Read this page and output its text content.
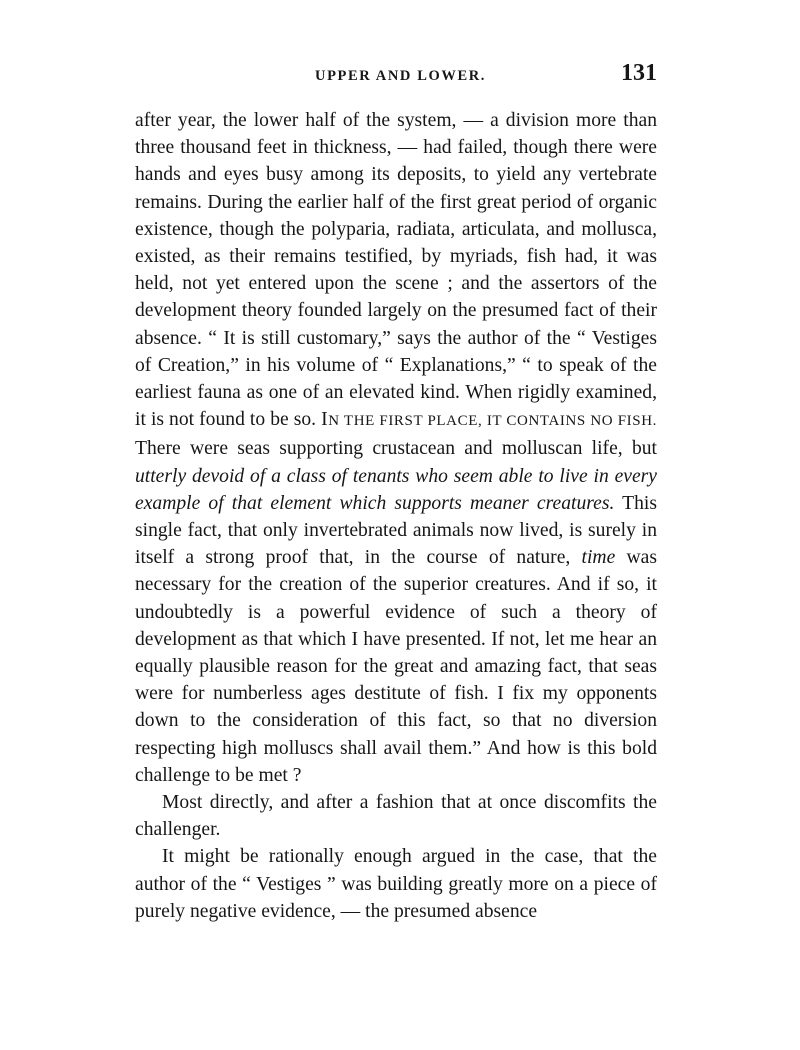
UPPER AND LOWER.	131

after year, the lower half of the system, — a division more than three thousand feet in thickness, — had failed, though there were hands and eyes busy among its deposits, to yield any vertebrate remains. During the earlier half of the first great period of organic existence, though the polyparia, radiata, articulata, and mollusca, existed, as their remains testified, by myriads, fish had, it was held, not yet entered upon the scene ; and the assertors of the development theory founded largely on the presumed fact of their absence. “ It is still customary,” says the author of the “ Vestiges of Creation,” in his volume of “ Explanations,” “ to speak of the earliest fauna as one of an elevated kind. When rigidly examined, it is not found to be so. IN THE FIRST PLACE, IT CONTAINS NO FISH. There were seas supporting crustacean and molluscan life, but utterly devoid of a class of tenants who seem able to live in every example of that element which supports meaner creatures. This single fact, that only invertebrated animals now lived, is surely in itself a strong proof that, in the course of nature, time was necessary for the creation of the superior creatures. And if so, it undoubtedly is a powerful evidence of such a theory of development as that which I have presented. If not, let me hear an equally plausible reason for the great and amazing fact, that seas were for numberless ages destitute of fish. I fix my opponents down to the consideration of this fact, so that no diversion respecting high molluscs shall avail them.” And how is this bold challenge to be met ?

Most directly, and after a fashion that at once discomfits the challenger.

It might be rationally enough argued in the case, that the author of the “ Vestiges ” was building greatly more on a piece of purely negative evidence, — the presumed absence
